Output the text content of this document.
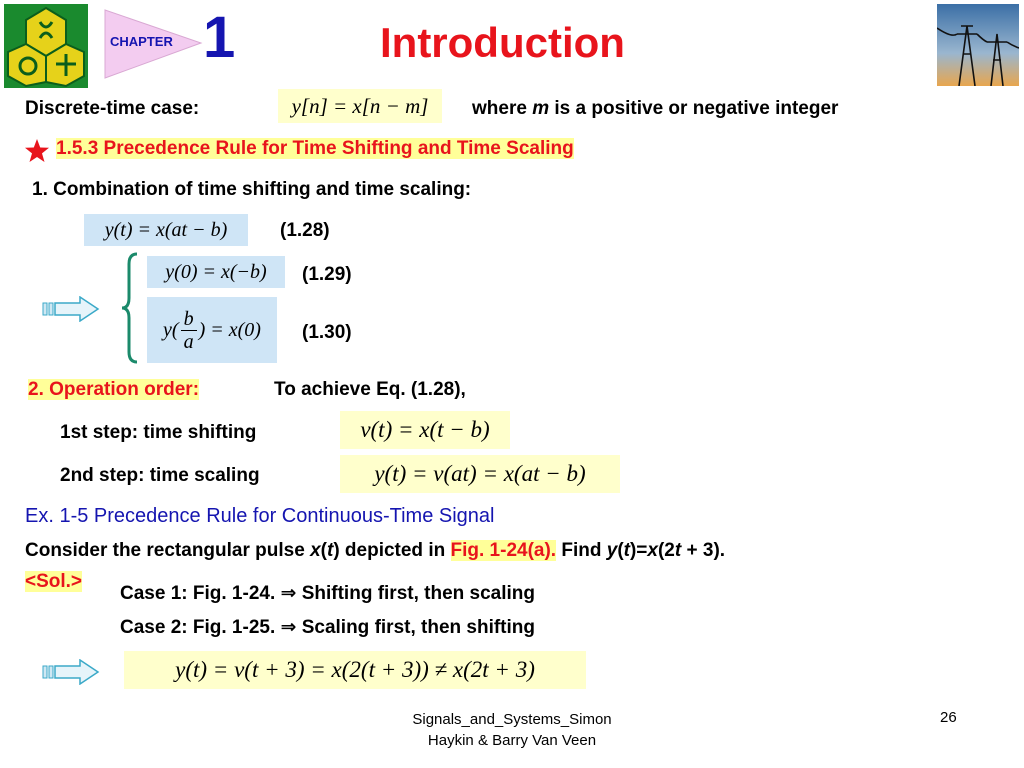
CHAPTER 1	Introduction
Discrete-time case:	y[n] = x[n − m] where m is a positive or negative integer
1.5.3 Precedence Rule for Time Shifting and Time Scaling
1. Combination of time shifting and time scaling:
y(t) = x(at − b)	(1.28)
y(0) = x(−b) (1.29)
y( b
a
) = x(0) (1.30)
2. Operation order:	To achieve Eq. (1.28),
1st step: time shifting	v(t) = x(t − b)
2nd step: time scaling	y(t) = v(at) = x(at − b)
Ex. 1-5 Precedence Rule for Continuous-Time Signal
Consider the rectangular pulse x(t) depicted in Fig. 1-24(a). Find y(t)=x(2t + 3).
<Sol.>
Case 1: Fig. 1-24. ⇒ Shifting first, then scaling
Case 2: Fig. 1-25. ⇒ Scaling first, then shifting
y(t) = v(t + 3) = x(2(t + 3)) ≠ x(2t + 3)
Signals_and_Systems_Simon
Haykin & Barry Van Veen
26
